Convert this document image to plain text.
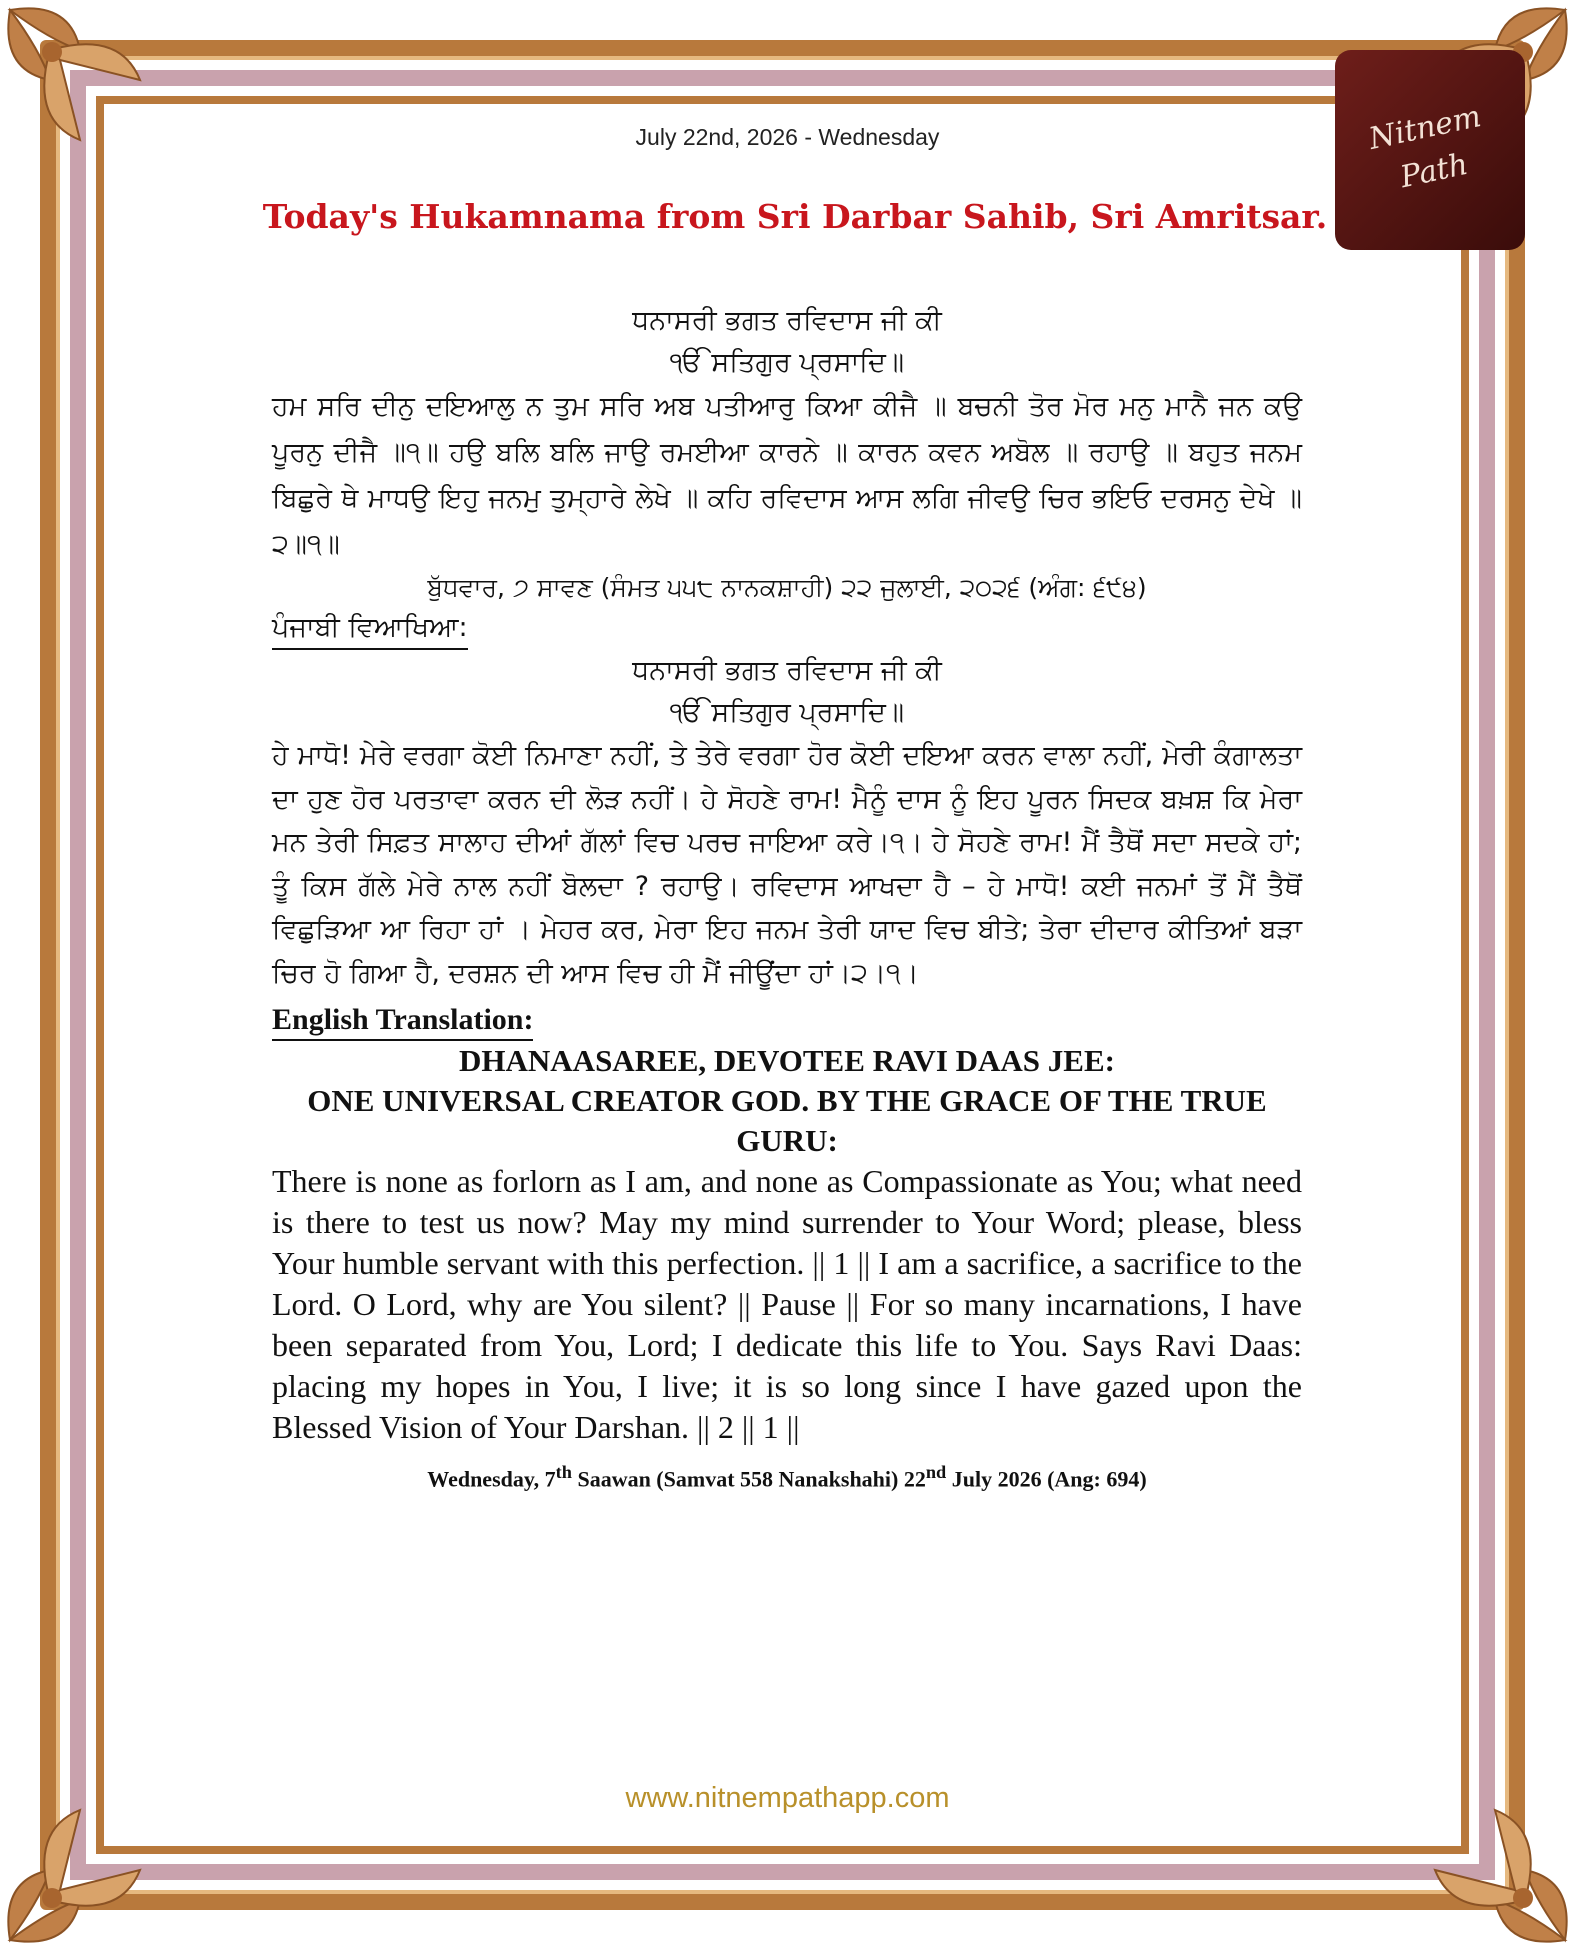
Nitnem
Path
July 22nd, 2026 - Wednesday
Today's Hukamnama from Sri Darbar Sahib, Sri Amritsar.
ਧਨਾਸਰੀ ਭਗਤ ਰਵਿਦਾਸ ਜੀ ਕੀ
ੴ ਸਤਿਗੁਰ ਪ੍ਰਸਾਦਿ॥
ਹਮ ਸਰਿ ਦੀਨੁ ਦਇਆਲੁ ਨ ਤੁਮ ਸਰਿ ਅਬ ਪਤੀਆਰੁ ਕਿਆ ਕੀਜੈ ॥ ਬਚਨੀ ਤੋਰ ਮੋਰ ਮਨੁ ਮਾਨੈ ਜਨ ਕਉ ਪੂਰਨੁ ਦੀਜੈ ॥੧॥ ਹਉ ਬਲਿ ਬਲਿ ਜਾਉ ਰਮਈਆ ਕਾਰਨੇ ॥ ਕਾਰਨ ਕਵਨ ਅਬੋਲ ॥ ਰਹਾਉ ॥ ਬਹੁਤ ਜਨਮ ਬਿਛੁਰੇ ਥੇ ਮਾਧਉ ਇਹੁ ਜਨਮੁ ਤੁਮ੍ਹਾਰੇ ਲੇਖੇ ॥ ਕਹਿ ਰਵਿਦਾਸ ਆਸ ਲਗਿ ਜੀਵਉ ਚਿਰ ਭਇਓ ਦਰਸਨੁ ਦੇਖੇ ॥੨॥੧॥
ਬੁੱਧਵਾਰ, ੭ ਸਾਵਣ (ਸੰਮਤ ੫੫੮ ਨਾਨਕਸ਼ਾਹੀ) ੨੨ ਜੁਲਾਈ, ੨੦੨੬ (ਅੰਗ: ੬੯੪)
ਪੰਜਾਬੀ ਵਿਆਖਿਆ:
ਧਨਾਸਰੀ ਭਗਤ ਰਵਿਦਾਸ ਜੀ ਕੀ
ੴ ਸਤਿਗੁਰ ਪ੍ਰਸਾਦਿ॥
ਹੇ ਮਾਧੋ! ਮੇਰੇ ਵਰਗਾ ਕੋਈ ਨਿਮਾਣਾ ਨਹੀਂ, ਤੇ ਤੇਰੇ ਵਰਗਾ ਹੋਰ ਕੋਈ ਦਇਆ ਕਰਨ ਵਾਲਾ ਨਹੀਂ, ਮੇਰੀ ਕੰਗਾਲਤਾ ਦਾ ਹੁਣ ਹੋਰ ਪਰਤਾਵਾ ਕਰਨ ਦੀ ਲੋੜ ਨਹੀਂ। ਹੇ ਸੋਹਣੇ ਰਾਮ! ਮੈਨੂੰ ਦਾਸ ਨੂੰ ਇਹ ਪੂਰਨ ਸਿਦਕ ਬਖ਼ਸ਼ ਕਿ ਮੇਰਾ ਮਨ ਤੇਰੀ ਸਿਫ਼ਤ ਸਾਲਾਹ ਦੀਆਂ ਗੱਲਾਂ ਵਿਚ ਪਰਚ ਜਾਇਆ ਕਰੇ।੧। ਹੇ ਸੋਹਣੇ ਰਾਮ! ਮੈਂ ਤੈਥੋਂ ਸਦਾ ਸਦਕੇ ਹਾਂ; ਤੂੰ ਕਿਸ ਗੱਲੇ ਮੇਰੇ ਨਾਲ ਨਹੀਂ ਬੋਲਦਾ ? ਰਹਾਉ। ਰਵਿਦਾਸ ਆਖਦਾ ਹੈ – ਹੇ ਮਾਧੋ! ਕਈ ਜਨਮਾਂ ਤੋਂ ਮੈਂ ਤੈਥੋਂ ਵਿਛੁੜਿਆ ਆ ਰਿਹਾ ਹਾਂ । ਮੇਹਰ ਕਰ, ਮੇਰਾ ਇਹ ਜਨਮ ਤੇਰੀ ਯਾਦ ਵਿਚ ਬੀਤੇ; ਤੇਰਾ ਦੀਦਾਰ ਕੀਤਿਆਂ ਬੜਾ ਚਿਰ ਹੋ ਗਿਆ ਹੈ, ਦਰਸ਼ਨ ਦੀ ਆਸ ਵਿਚ ਹੀ ਮੈਂ ਜੀਊਂਦਾ ਹਾਂ।੨।੧।
English Translation:
DHANAASAREE, DEVOTEE RAVI DAAS JEE:
ONE UNIVERSAL CREATOR GOD. BY THE GRACE OF THE TRUE GURU:
There is none as forlorn as I am, and none as Compassionate as You; what need is there to test us now? May my mind surrender to Your Word; please, bless Your humble servant with this perfection. || 1 || I am a sacrifice, a sacrifice to the Lord. O Lord, why are You silent? || Pause || For so many incarnations, I have been separated from You, Lord; I dedicate this life to You. Says Ravi Daas: placing my hopes in You, I live; it is so long since I have gazed upon the Blessed Vision of Your Darshan. || 2 || 1 ||
Wednesday, 7th Saawan (Samvat 558 Nanakshahi) 22nd July 2026 (Ang: 694)
www.nitnempathapp.com
